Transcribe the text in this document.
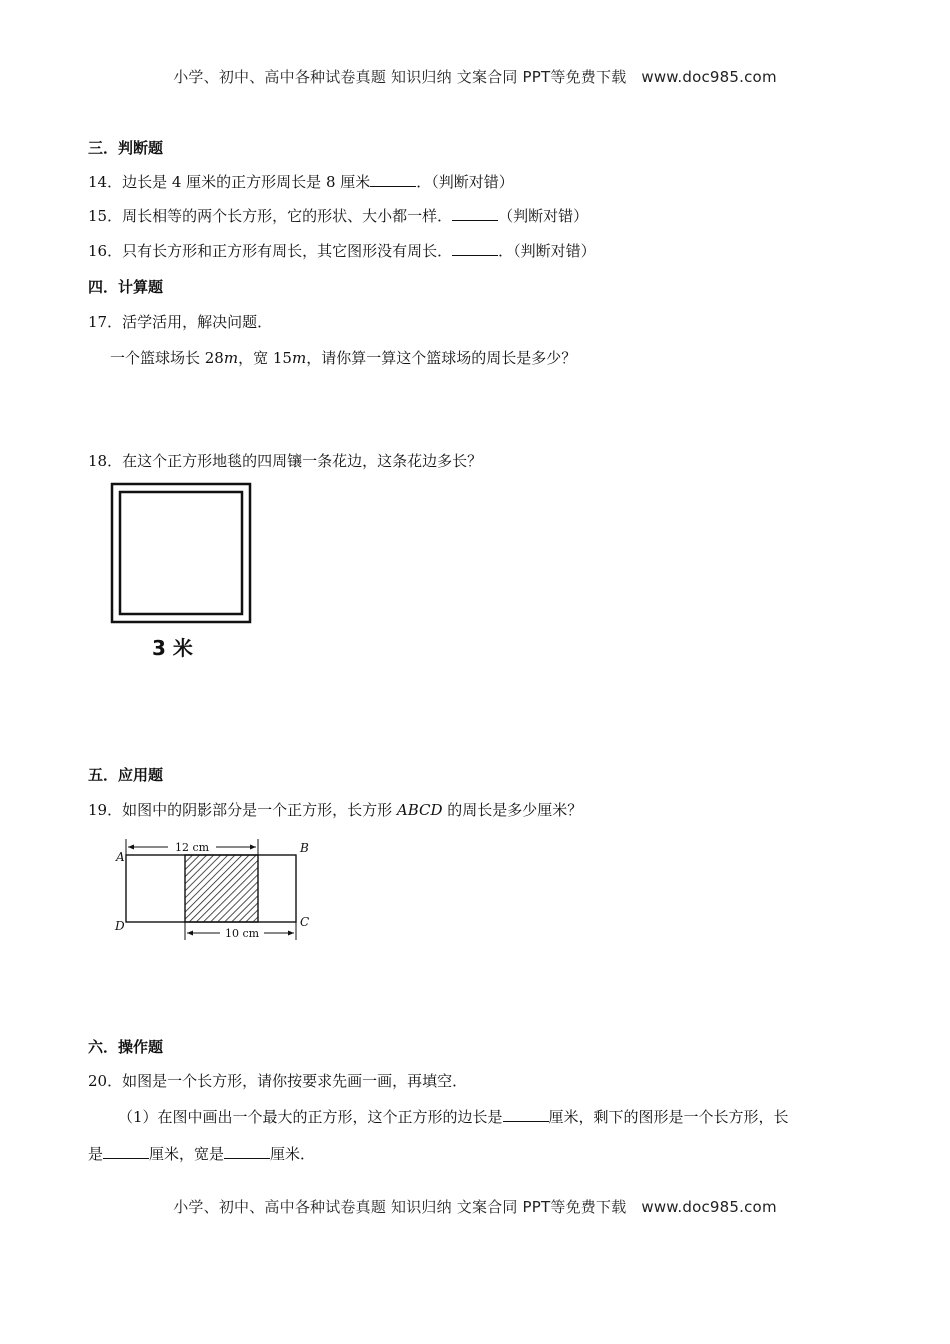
小学、初中、高中各种试卷真题 知识归纳 文案合同 PPT等免费下载 www.doc985.com
三．判断题
14．边长是 4 厘米的正方形周长是 8 厘米	．（判断对错）
15．周长相等的两个长方形，它的形状、大小都一样．	（判断对错）
16．只有长方形和正方形有周长，其它图形没有周长．	．（判断对错）
四．计算题
17．活学活用，解决问题．
一个篮球场长 28m，宽 15m，请你算一算这个篮球场的周长是多少？
18．在这个正方形地毯的四周镶一条花边，这条花边多长？
3 米
五．应用题
19．如图中的阴影部分是一个正方形，长方形 ABCD 的周长是多少厘米？
12 cm
10 cm
A
B
C
D
六．操作题
20．如图是一个长方形，请你按要求先画一画，再填空．
（1）在图中画出一个最大的正方形，这个正方形的边长是	厘米，剩下的图形是一个长方形，长
是	厘米，宽是	厘米．
小学、初中、高中各种试卷真题 知识归纳 文案合同 PPT等免费下载 www.doc985.com
